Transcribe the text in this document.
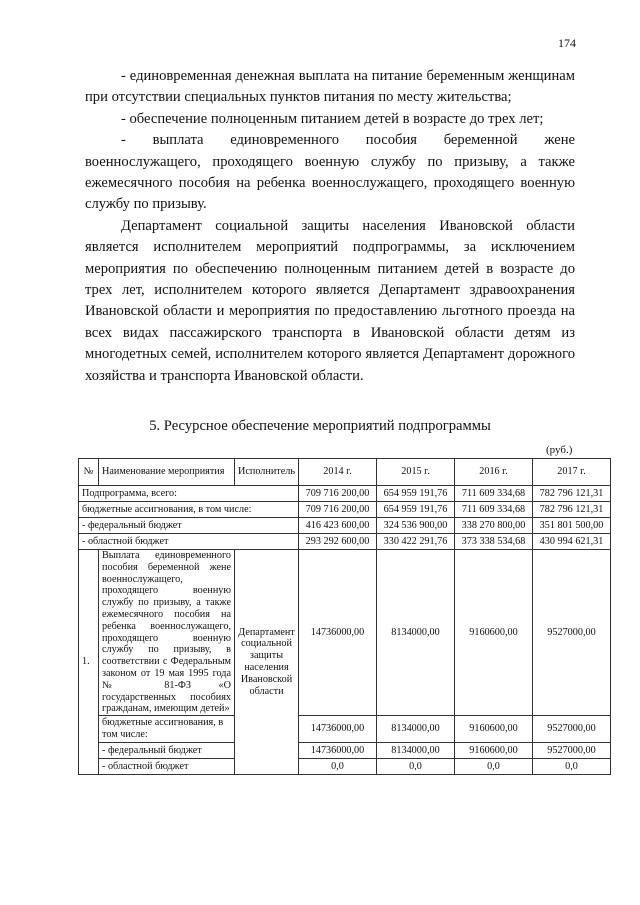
174

- единовременная денежная выплата на питание беременным женщинам при отсутствии специальных пунктов питания по месту жительства;

- обеспечение полноценным питанием детей в возрасте до трех лет;

- выплата единовременного пособия беременной жене военнослужащего, проходящего военную службу по призыву, а также ежемесячного пособия на ребенка военнослужащего, проходящего военную службу по призыву.

Департамент социальной защиты населения Ивановской области является исполнителем мероприятий подпрограммы, за исключением мероприятия по обеспечению полноценным питанием детей в возрасте до трех лет, исполнителем которого является Департамент здравоохранения Ивановской области и мероприятия по предоставлению льготного проезда на всех видах пассажирского транспорта в Ивановской области детям из многодетных семей, исполнителем которого является Департамент дорожного хозяйства и транспорта Ивановской области.

5. Ресурсное обеспечение мероприятий подпрограммы
(руб.)
№	Наименование мероприятия	Исполнитель	2014 г.	2015 г.	2016 г.	2017 г.
Подпрограмма, всего:			709 716 200,00	654 959 191,76	711 609 334,68	782 796 121,31
бюджетные ассигнования, в том числе:			709 716 200,00	654 959 191,76	711 609 334,68	782 796 121,31
- федеральный бюджет			416 423 600,00	324 536 900,00	338 270 800,00	351 801 500,00
- областной бюджет			293 292 600,00	330 422 291,76	373 338 534,68	430 994 621,31
1.	Выплата единовременного пособия беременной жене военнослужащего, проходящего военную службу по призыву, а также ежемесячного пособия на ребенка военнослужащего, проходящего военную службу по призыву, в соответствии с Федеральным законом от 19 мая 1995 года № 81-ФЗ «О государственных пособиях гражданам, имеющим детей»	Департамент социальной защиты населения Ивановской области	14736000,00	8134000,00	9160600,00	9527000,00
	бюджетные ассигнования, в том числе:		14736000,00	8134000,00	9160600,00	9527000,00
	- федеральный бюджет		14736000,00	8134000,00	9160600,00	9527000,00
	- областной бюджет		0,0	0,0	0,0	0,0
